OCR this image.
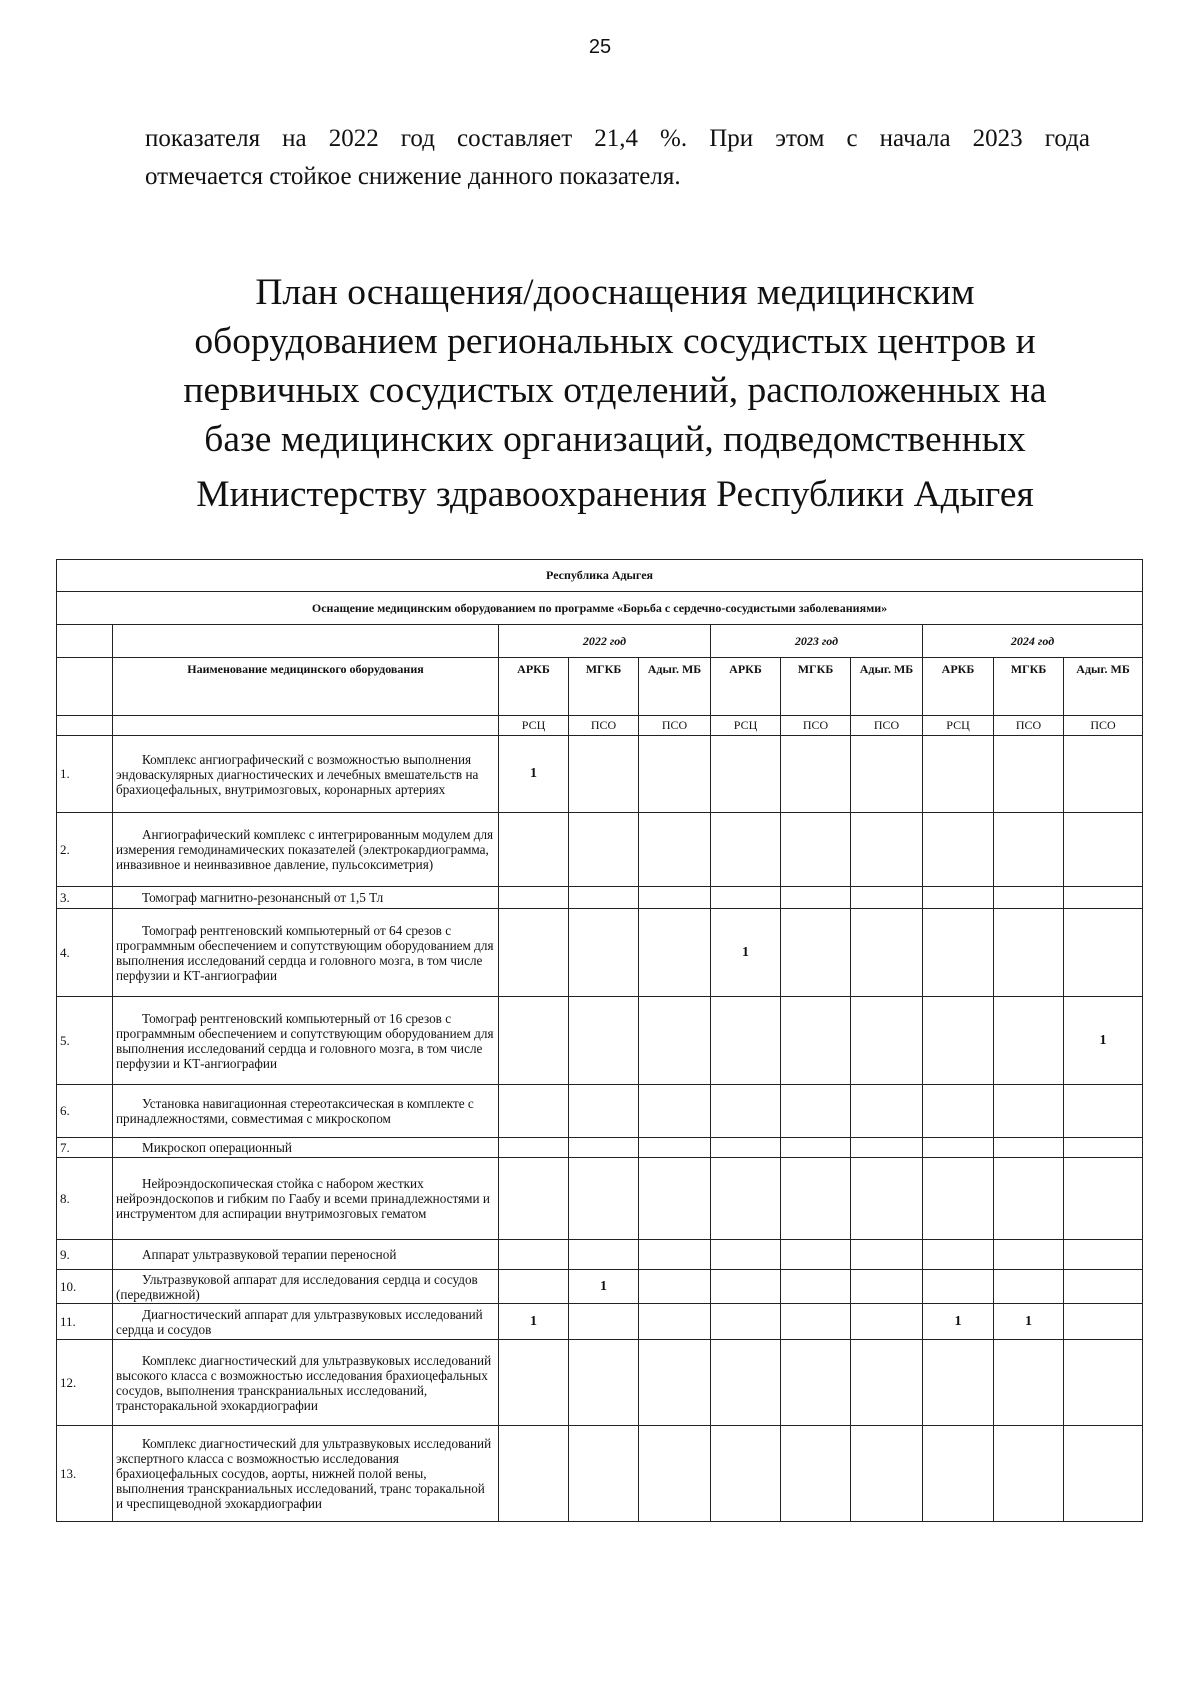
25

показателя на 2022 год составляет 21,4 %. При этом с начала 2023 года

отмечается стойкое снижение данного показателя.

План оснащения/дооснащения медицинским
оборудованием региональных сосудистых центров и
первичных сосудистых отделений, расположенных на
базе медицинских организаций, подведомственных
Министерству здравоохранения Республики Адыгея
Республика Адыгея										
Оснащение медицинским оборудованием по программе «Борьба с сердечно-сосудистыми заболеваниями»										
		2022 год			2023 год			2024 год		
	Наименование медицинского оборудования	АРКБ	МГКБ	Адыг. МБ	АРКБ	МГКБ	Адыг. МБ	АРКБ	МГКБ	Адыг. МБ
		РСЦ	ПСО	ПСО	РСЦ	ПСО	ПСО	РСЦ	ПСО	ПСО
1.	Комплекс ангиографический с возможностью выполнения эндоваскулярных диагностических и лечебных вмешательств на брахиоцефальных, внутримозговых, коронарных артериях	1								
2.	Ангиографический комплекс с интегрированным модулем для измерения гемодинамических показателей (электрокардиограмма, инвазивное и неинвазивное давление, пульсоксиметрия)									
3.	Томограф магнитно-резонансный от 1,5 Тл									
4.	Томограф рентгеновский компьютерный от 64 срезов с программным обеспечением и сопутствующим оборудованием для выполнения исследований сердца и головного мозга, в том числе перфузии и КТ-ангиографии				1					
5.	Томограф рентгеновский компьютерный от 16 срезов с программным обеспечением и сопутствующим оборудованием для выполнения исследований сердца и головного мозга, в том числе перфузии и КТ-ангиографии									1
6.	Установка навигационная стереотаксическая в комплекте с принадлежностями, совместимая с микроскопом									
7.	Микроскоп операционный									
8.	Нейроэндоскопическая стойка с набором жестких нейроэндоскопов и гибким по Гаабу и всеми принадлежностями и инструментом для аспирации внутримозговых гематом									
9.	Аппарат ультразвуковой терапии переносной									
10.	Ультразвуковой аппарат для исследования сердца и сосудов (передвижной)		1							
11.	Диагностический аппарат для ультразвуковых исследований сердца и сосудов	1						1	1	
12.	Комплекс диагностический для ультразвуковых исследований высокого класса с возможностью исследования брахиоцефальных сосудов, выполнения транскраниальных исследований, трансторакальной эхокардиографии									
13.	Комплекс диагностический для ультразвуковых исследований экспертного класса с возможностью исследования брахиоцефальных сосудов, аорты, нижней полой вены, выполнения транскраниальных исследований, транс торакальной и чреспищеводной эхокардиографии									
